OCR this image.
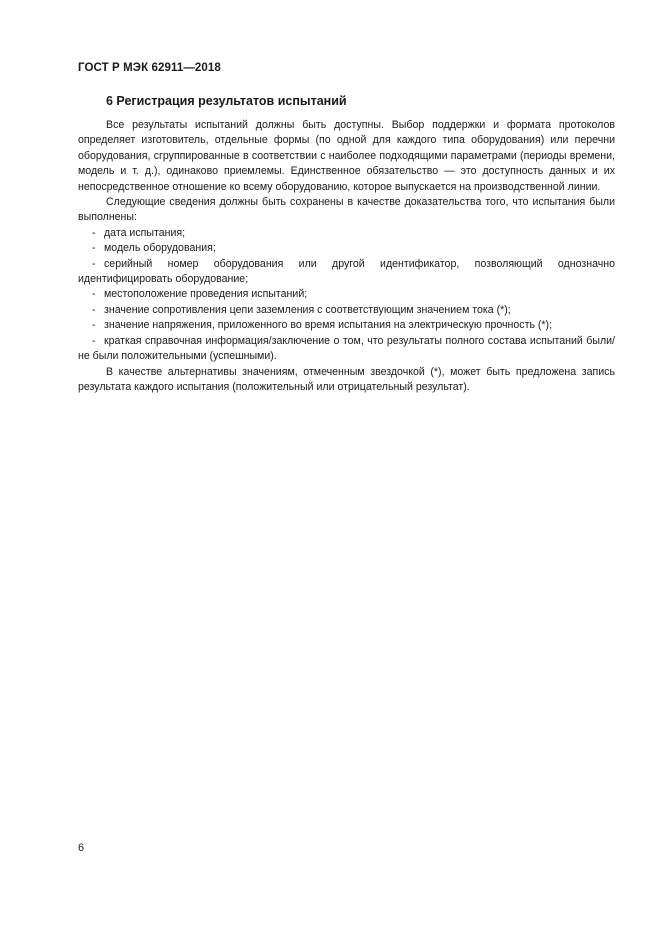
ГОСТ Р МЭК 62911—2018
6 Регистрация результатов испытаний

Все результаты испытаний должны быть доступны. Выбор поддержки и формата протоколов определяет изготовитель, отдельные формы (по одной для каждого типа оборудования) или перечни оборудования, сгруппированные в соответствии с наиболее подходящими параметрами (периоды времени, модель и т. д.), одинаково приемлемы. Единственное обязательство — это доступность данных и их непосредственное отношение ко всему оборудованию, которое выпускается на производственной линии.

Следующие сведения должны быть сохранены в качестве доказательства того, что испытания были выполнены:

- дата испытания;
- модель оборудования;
- серийный номер оборудования или другой идентификатор, позволяющий однозначно идентифицировать оборудование;
- местоположение проведения испытаний;
- значение сопротивления цепи заземления с соответствующим значением тока (*);
- значение напряжения, приложенного во время испытания на электрическую прочность (*);
- краткая справочная информация/заключение о том, что результаты полного состава испытаний были/не были положительными (успешными).

В качестве альтернативы значениям, отмеченным звездочкой (*), может быть предложена запись результата каждого испытания (положительный или отрицательный результат).

6
